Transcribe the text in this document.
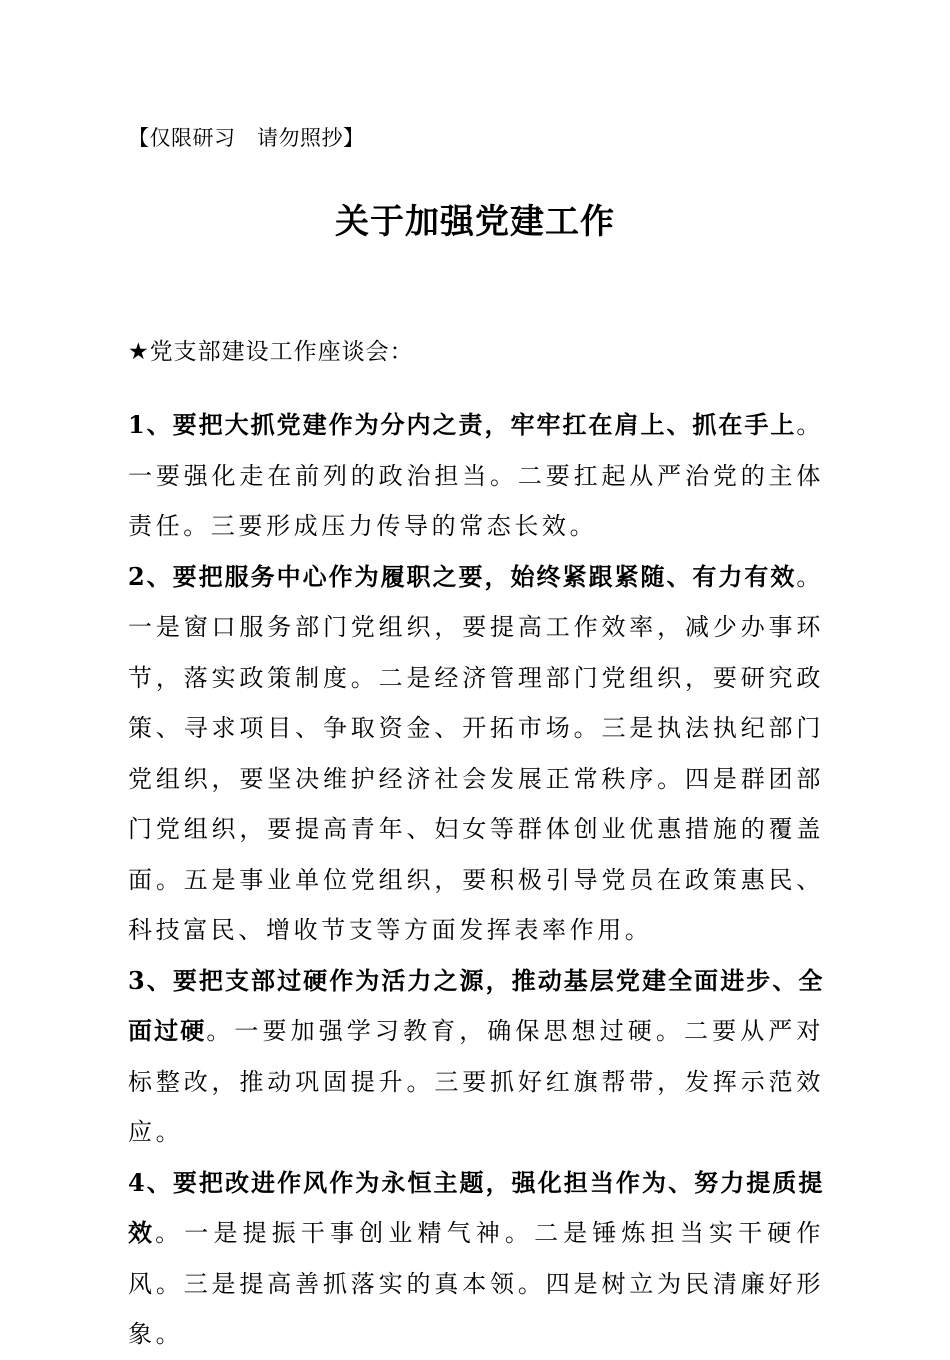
【仅限研习　请勿照抄】
关于加强党建工作
★党支部建设工作座谈会：

1、要把大抓党建作为分内之责，牢牢扛在肩上、抓在手上。一要强化走在前列的政治担当。二要扛起从严治党的主体责任。三要形成压力传导的常态长效。

2、要把服务中心作为履职之要，始终紧跟紧随、有力有效。一是窗口服务部门党组织，要提高工作效率，减少办事环节，落实政策制度。二是经济管理部门党组织，要研究政策、寻求项目、争取资金、开拓市场。三是执法执纪部门党组织，要坚决维护经济社会发展正常秩序。四是群团部门党组织，要提高青年、妇女等群体创业优惠措施的覆盖面。五是事业单位党组织，要积极引导党员在政策惠民、科技富民、增收节支等方面发挥表率作用。

3、要把支部过硬作为活力之源，推动基层党建全面进步、全面过硬。一要加强学习教育，确保思想过硬。二要从严对标整改，推动巩固提升。三要抓好红旗帮带，发挥示范效应。

4、要把改进作风作为永恒主题，强化担当作为、努力提质提效。一是提振干事创业精气神。二是锤炼担当实干硬作风。三是提高善抓落实的真本领。四是树立为民清廉好形象。
